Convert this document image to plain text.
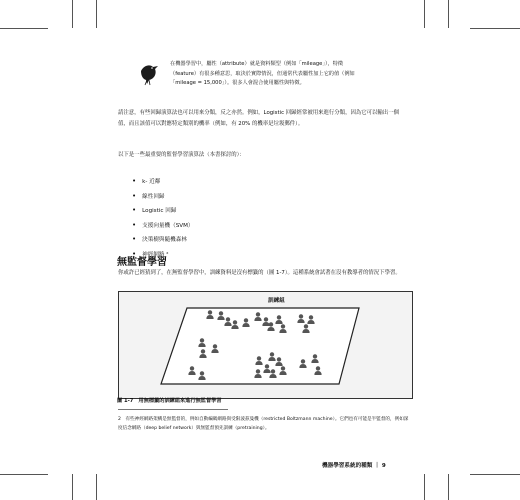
在機器學習中，屬性（attribute）就是資料類型（例如「mileage」），特徵（feature）有很多種意思，取決於實際情況，但通常代表屬性加上它的值（例如「mileage = 15,000」）。很多人會混合使用屬性與特徵。
請注意，有些回歸演算法也可以用來分類，反之亦然。例如，Logistic 回歸經常被用來進行分類，因為它可以輸出一個值，而且該值可以對應特定類別的機率（例如，有 20% 的機率是垃圾郵件）。
以下是一些最重要的監督學習演算法（本書探討的）：
• k- 近鄰
• 線性回歸
• Logistic 回歸
• 支援向量機（SVM）
• 決策樹與隨機森林
• 神經網路 ²
無監督學習
你或許已經猜到了，在無監督學習中，訓練資料是沒有標籤的（圖 1-7）。這種系統會試著在沒有教導者的情況下學習。
訓練組
圖 1-7　用無標籤的訓練組來進行無監督學習
2　有些神經網路架構是無監督的，例如自動編碼網路與受限波茲曼機（restricted Boltzmann machine）。它們也有可能是半監督的，例如深度信念網路（deep belief network）與無監督預先訓練（pretraining）。
機器學習系統的種類 ｜ 9
